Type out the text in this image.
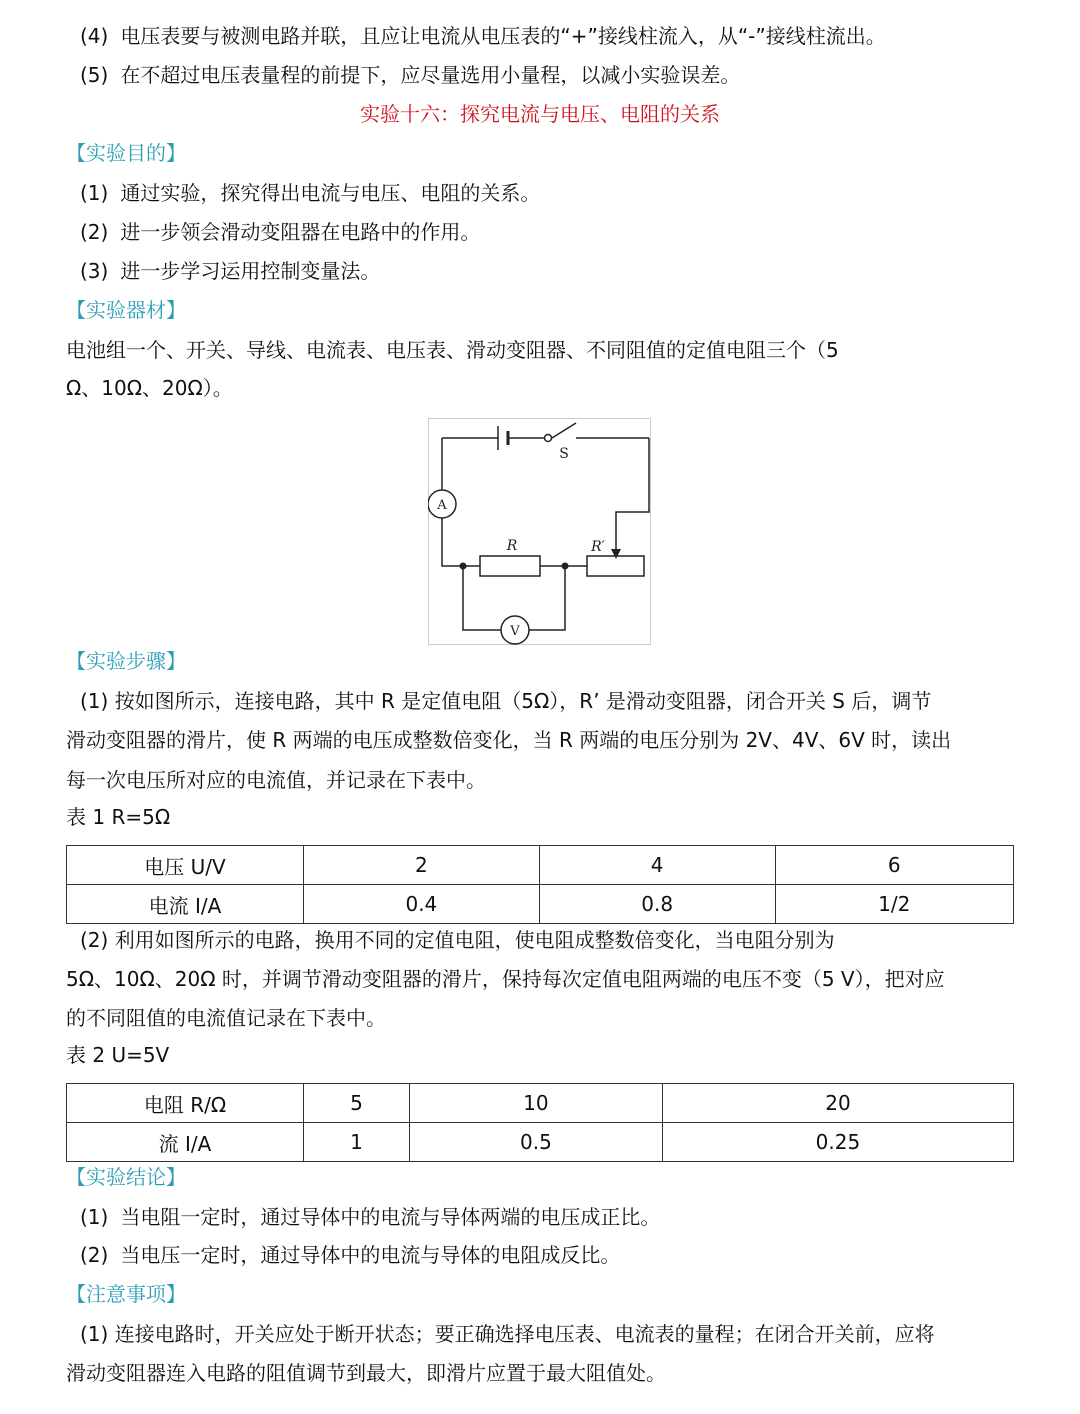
(4) 电压表要与被测电路并联，且应让电流从电压表的“+”接线柱流入，从“-”接线柱流出。
(5) 在不超过电压表量程的前提下，应尽量选用小量程，以减小实验误差。
实验十六：探究电流与电压、电阻的关系
【实验目的】
(1) 通过实验，探究得出电流与电压、电阻的关系。
(2) 进一步领会滑动变阻器在电路中的作用。
(3) 进一步学习运用控制变量法。
【实验器材】
电池组一个、开关、导线、电流表、电压表、滑动变阻器、不同阻值的定值电阻三个（5
Ω、10Ω、20Ω）。
S
A
R	R′
V
【实验步骤】
(1) 按如图所示，连接电路，其中 R 是定值电阻（5Ω），R’ 是滑动变阻器，闭合开关 S 后，调节
滑动变阻器的滑片，使 R 两端的电压成整数倍变化，当 R 两端的电压分别为 2V、4V、6V 时，读出
每一次电压所对应的电流值，并记录在下表中。
表 1 R=5Ω
电压 U/V	2	4	6
电流 I/A	0.4	0.8	1/2
(2) 利用如图所示的电路，换用不同的定值电阻，使电阻成整数倍变化，当电阻分别为
5Ω、10Ω、20Ω 时，并调节滑动变阻器的滑片，保持每次定值电阻两端的电压不变（5 V），把对应
的不同阻值的电流值记录在下表中。
表 2 U=5V
电阻 R/Ω	5	10	20
流 I/A	1	0.5	0.25
【实验结论】
(1) 当电阻一定时，通过导体中的电流与导体两端的电压成正比。
(2) 当电压一定时，通过导体中的电流与导体的电阻成反比。
【注意事项】
(1) 连接电路时，开关应处于断开状态；要正确选择电压表、电流表的量程；在闭合开关前，应将
滑动变阻器连入电路的阻值调节到最大，即滑片应置于最大阻值处。
